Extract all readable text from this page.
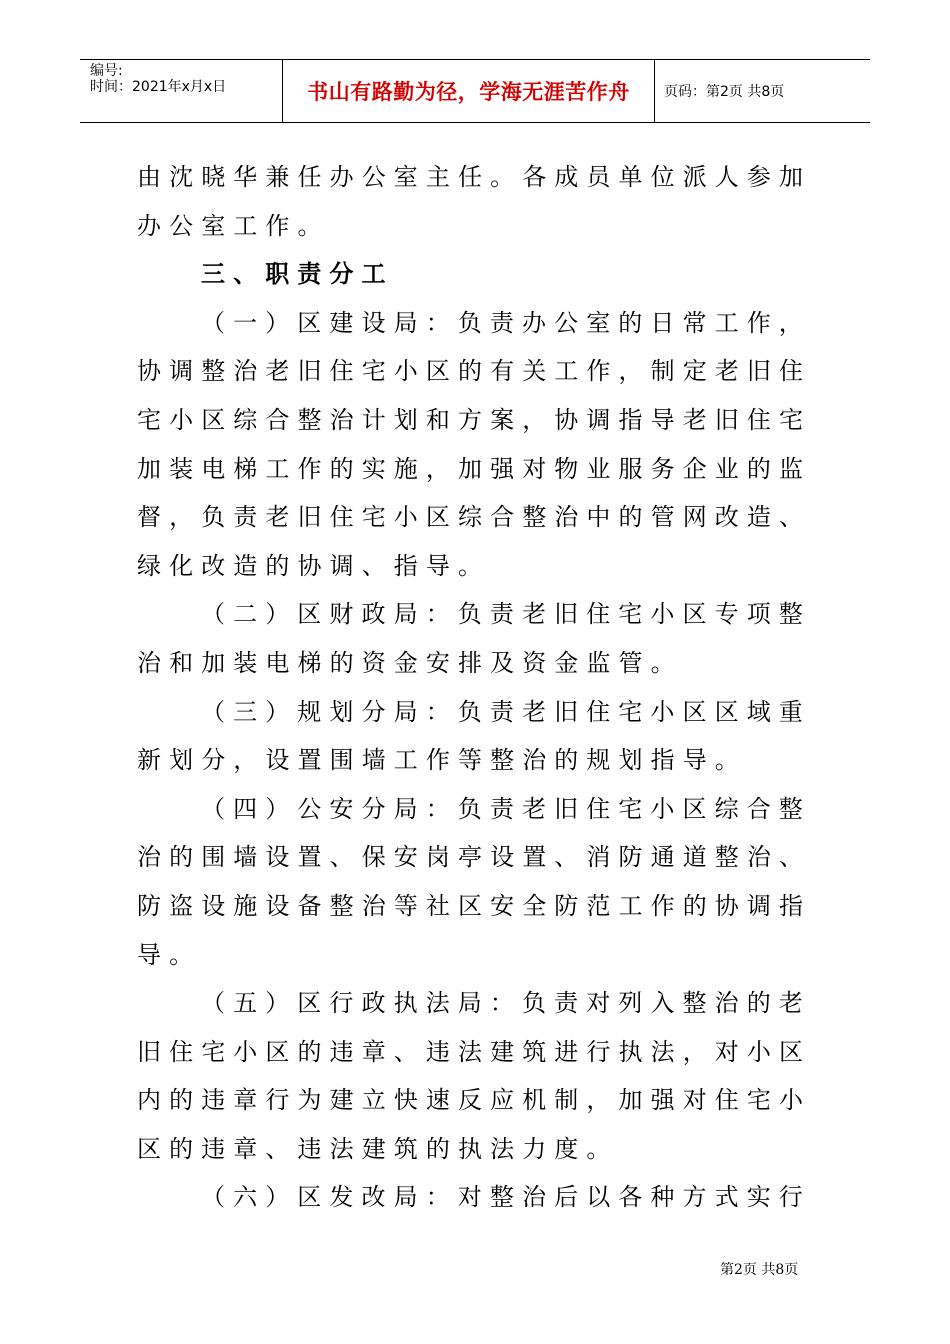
编号:
时间：2021年x月x日	书山有路勤为径，学海无涯苦作舟 页码：第2页 共8页
由沈晓华兼任办公室主任。各成员单位派人参加
办公室工作。
三、职责分工
（一）区建设局：负责办公室的日常工作，
协调整治老旧住宅小区的有关工作，制定老旧住
宅小区综合整治计划和方案，协调指导老旧住宅
加装电梯工作的实施，加强对物业服务企业的监
督，负责老旧住宅小区综合整治中的管网改造、
绿化改造的协调、指导。
（二）区财政局：负责老旧住宅小区专项整
治和加装电梯的资金安排及资金监管。
（三）规划分局：负责老旧住宅小区区域重
新划分，设置围墙工作等整治的规划指导。
（四）公安分局：负责老旧住宅小区综合整
治的围墙设置、保安岗亭设置、消防通道整治、
防盗设施设备整治等社区安全防范工作的协调指
导。
（五）区行政执法局：负责对列入整治的老
旧住宅小区的违章、违法建筑进行执法，对小区
内的违章行为建立快速反应机制，加强对住宅小
区的违章、违法建筑的执法力度。
（六）区发改局：对整治后以各种方式实行
第2页 共8页
